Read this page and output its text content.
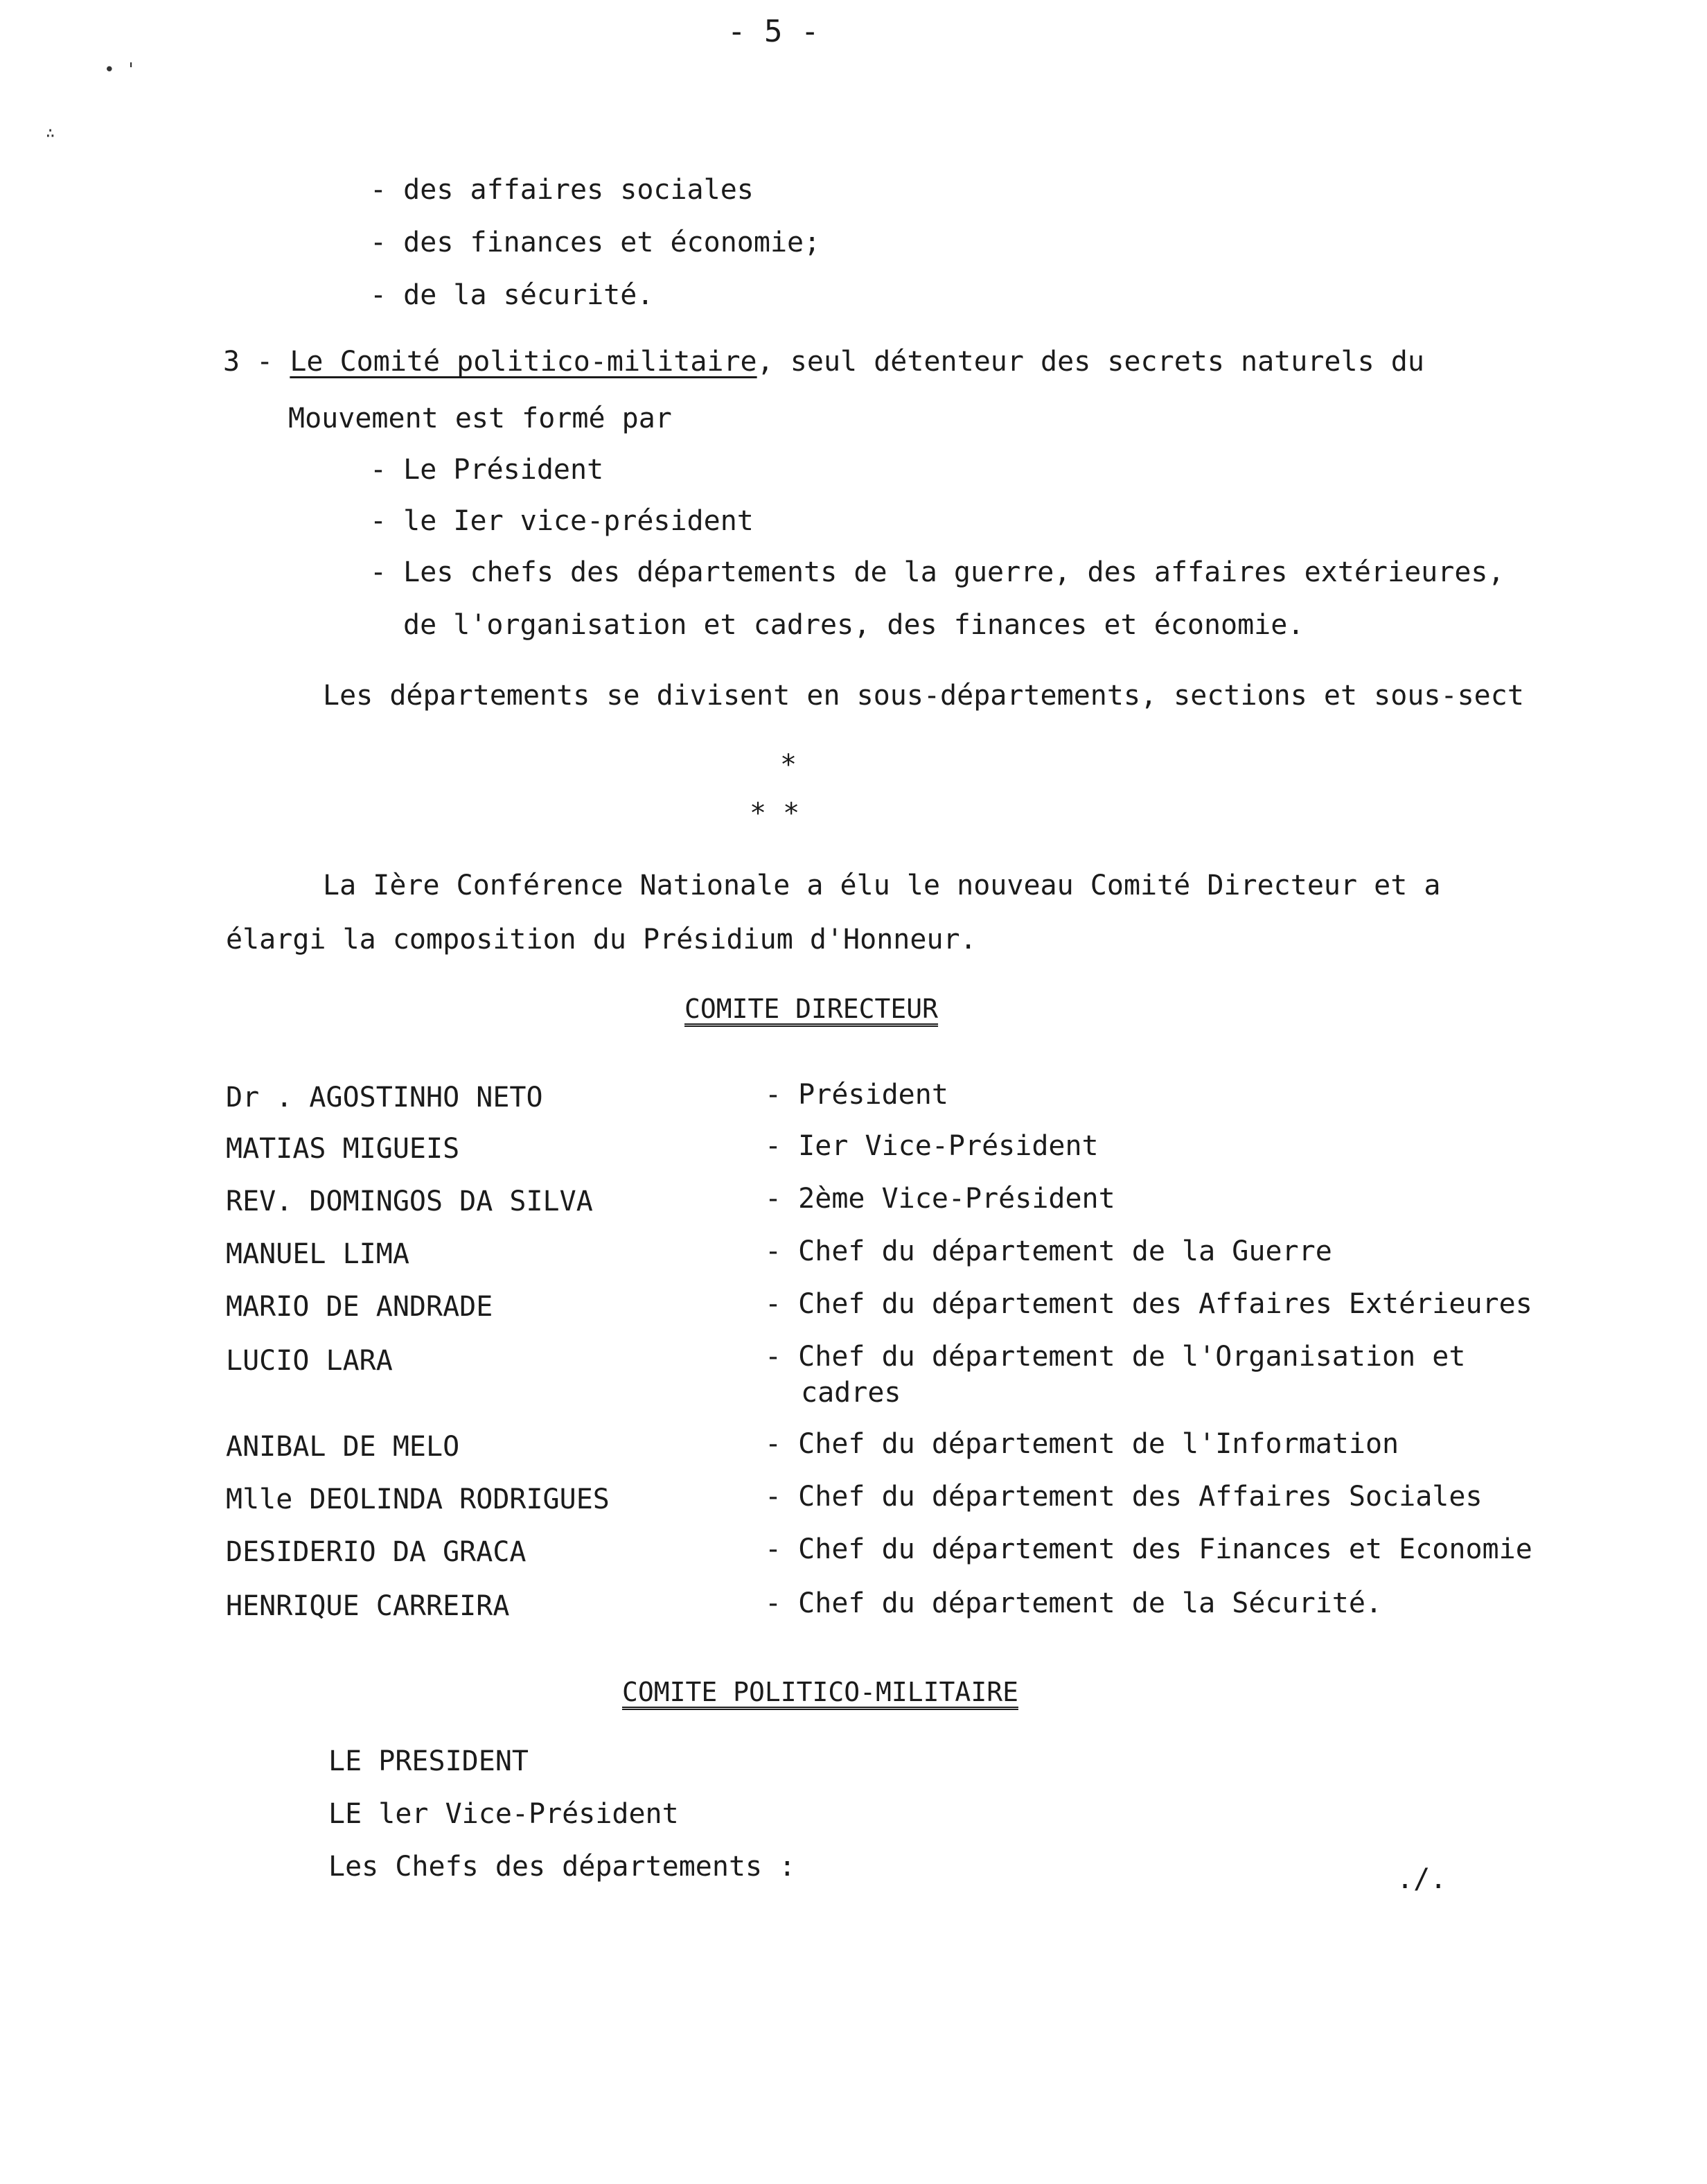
• '
∴
- 5 -
- des affaires sociales
- des finances et économie;
- de la sécurité.
3 - Le Comité politico-militaire, seul détenteur des secrets naturels du
Mouvement est formé par
- Le Président
- le Ier vice-président
- Les chefs des départements de la guerre, des affaires extérieures,
de l'organisation et cadres, des finances et économie.
Les départements se divisent en sous-départements, sections et sous-sect
*
* *
La Ière Conférence Nationale a élu le nouveau Comité Directeur et a
élargi la composition du Présidium d'Honneur.
COMITE DIRECTEUR
Dr . AGOSTINHO NETO
MATIAS MIGUEIS
REV. DOMINGOS DA SILVA
MANUEL LIMA
MARIO DE ANDRADE
LUCIO LARA
ANIBAL DE MELO
Mlle DEOLINDA RODRIGUES
DESIDERIO DA GRACA
HENRIQUE CARREIRA
- Président
- Ier Vice-Président
- 2ème Vice-Président
- Chef du département de la Guerre
- Chef du département des Affaires Extérieures
- Chef du département de l'Organisation et
cadres
- Chef du département de l'Information
- Chef du département des Affaires Sociales
- Chef du département des Finances et Economie
- Chef du département de la Sécurité.
COMITE POLITICO-MILITAIRE
LE PRESIDENT
LE ler Vice-Président
Les Chefs des départements :	./.
